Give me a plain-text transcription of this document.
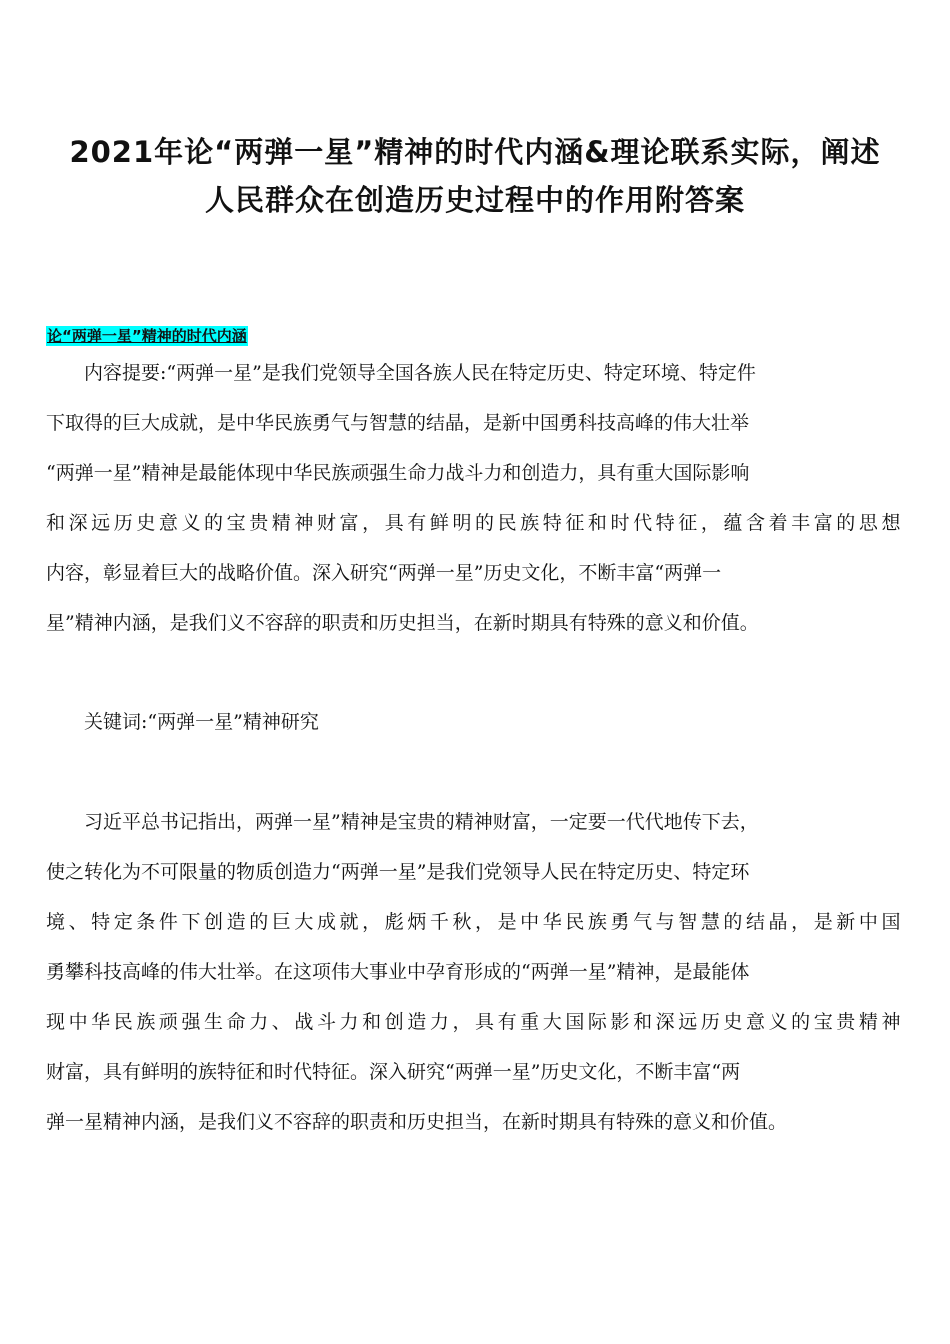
2021年论“两弹一星”精神的时代内涵&理论联系实际，阐述
人民群众在创造历史过程中的作用附答案
论“两弹一星”精神的时代内涵
内容提要:“两弹一星”是我们党领导全国各族人民在特定历史、特定环境、特定件
下取得的巨大成就，是中华民族勇气与智慧的结晶，是新中国勇科技高峰的伟大壮举
“两弹一星”精神是最能体现中华民族顽强生命力战斗力和创造力，具有重大国际影响
和深远历史意义的宝贵精神财富，具有鲜明的民族特征和时代特征，蕴含着丰富的思想
内容，彰显着巨大的战略价值。深入研究“两弹一星”历史文化，不断丰富“两弹一
星”精神内涵，是我们义不容辞的职责和历史担当，在新时期具有特殊的意义和价值。
关键词:“两弹一星”精神研究
习近平总书记指出，两弹一星”精神是宝贵的精神财富，一定要一代代地传下去，
使之转化为不可限量的物质创造力“两弹一星”是我们党领导人民在特定历史、特定环
境、特定条件下创造的巨大成就，彪炳千秋，是中华民族勇气与智慧的结晶，是新中国
勇攀科技高峰的伟大壮举。在这项伟大事业中孕育形成的“两弹一星”精神，是最能体
现中华民族顽强生命力、战斗力和创造力，具有重大国际影和深远历史意义的宝贵精神
财富，具有鲜明的族特征和时代特征。深入研究“两弹一星”历史文化，不断丰富“两
弹一星精神内涵，是我们义不容辞的职责和历史担当，在新时期具有特殊的意义和价值。
